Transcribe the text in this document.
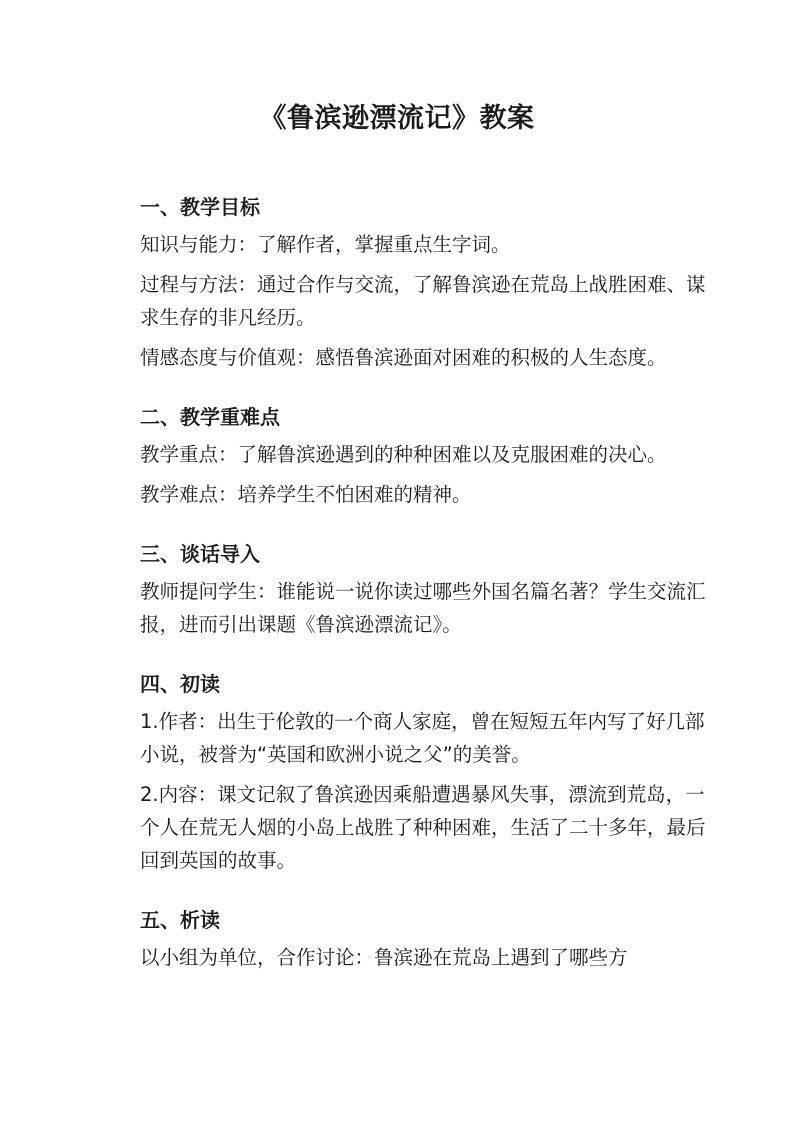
《鲁滨逊漂流记》教案
一、教学目标
知识与能力：了解作者，掌握重点生字词。
过程与方法：通过合作与交流，了解鲁滨逊在荒岛上战胜困难、谋求生存的非凡经历。
情感态度与价值观：感悟鲁滨逊面对困难的积极的人生态度。
二、教学重难点
教学重点：了解鲁滨逊遇到的种种困难以及克服困难的决心。
教学难点：培养学生不怕困难的精神。
三、谈话导入
教师提问学生：谁能说一说你读过哪些外国名篇名著？学生交流汇报，进而引出课题《鲁滨逊漂流记》。
四、初读
1.作者：出生于伦敦的一个商人家庭，曾在短短五年内写了好几部小说，被誉为“英国和欧洲小说之父”的美誉。
2.内容：课文记叙了鲁滨逊因乘船遭遇暴风失事，漂流到荒岛，一个人在荒无人烟的小岛上战胜了种种困难，生活了二十多年，最后回到英国的故事。
五、析读
以小组为单位，合作讨论：鲁滨逊在荒岛上遇到了哪些方
